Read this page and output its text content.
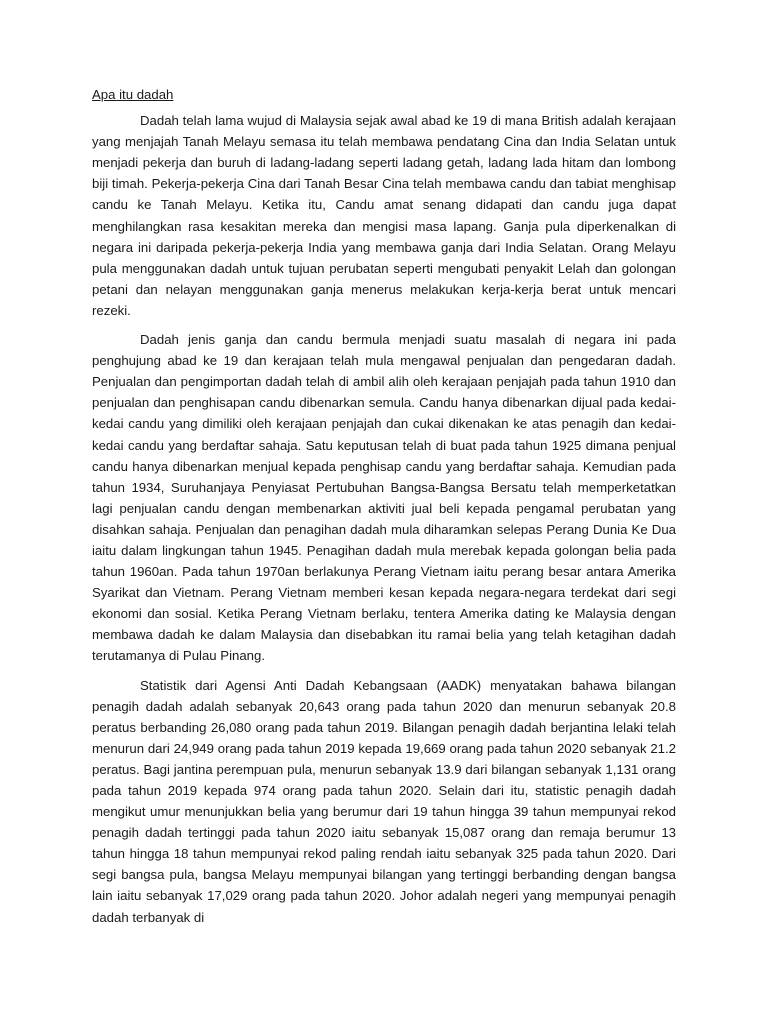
Apa itu dadah

Dadah telah lama wujud di Malaysia sejak awal abad ke 19 di mana British adalah kerajaan yang menjajah Tanah Melayu semasa itu telah membawa pendatang Cina dan India Selatan untuk menjadi pekerja dan buruh di ladang-ladang seperti ladang getah, ladang lada hitam dan lombong biji timah. Pekerja-pekerja Cina dari Tanah Besar Cina telah membawa candu dan tabiat menghisap candu ke Tanah Melayu. Ketika itu, Candu amat senang didapati dan candu juga dapat menghilangkan rasa kesakitan mereka dan mengisi masa lapang. Ganja pula diperkenalkan di negara ini daripada pekerja-pekerja India yang membawa ganja dari India Selatan. Orang Melayu pula menggunakan dadah untuk tujuan perubatan seperti mengubati penyakit Lelah dan golongan petani dan nelayan menggunakan ganja menerus melakukan kerja-kerja berat untuk mencari rezeki.

Dadah jenis ganja dan candu bermula menjadi suatu masalah di negara ini pada penghujung abad ke 19 dan kerajaan telah mula mengawal penjualan dan pengedaran dadah. Penjualan dan pengimportan dadah telah di ambil alih oleh kerajaan penjajah pada tahun 1910 dan penjualan dan penghisapan candu dibenarkan semula. Candu hanya dibenarkan dijual pada kedai-kedai candu yang dimiliki oleh kerajaan penjajah dan cukai dikenakan ke atas penagih dan kedai-kedai candu yang berdaftar sahaja. Satu keputusan telah di buat pada tahun 1925 dimana penjual candu hanya dibenarkan menjual kepada penghisap candu yang berdaftar sahaja. Kemudian pada tahun 1934, Suruhanjaya Penyiasat Pertubuhan Bangsa-Bangsa Bersatu telah memperketatkan lagi penjualan candu dengan membenarkan aktiviti jual beli kepada pengamal perubatan yang disahkan sahaja. Penjualan dan penagihan dadah mula diharamkan selepas Perang Dunia Ke Dua iaitu dalam lingkungan tahun 1945. Penagihan dadah mula merebak kepada golongan belia pada tahun 1960an. Pada tahun 1970an berlakunya Perang Vietnam iaitu perang besar antara Amerika Syarikat dan Vietnam. Perang Vietnam memberi kesan kepada negara-negara terdekat dari segi ekonomi dan sosial. Ketika Perang Vietnam berlaku, tentera Amerika dating ke Malaysia dengan membawa dadah ke dalam Malaysia dan disebabkan itu ramai belia yang telah ketagihan dadah terutamanya di Pulau Pinang.

Statistik dari Agensi Anti Dadah Kebangsaan (AADK) menyatakan bahawa bilangan penagih dadah adalah sebanyak 20,643 orang pada tahun 2020 dan menurun sebanyak 20.8 peratus berbanding 26,080 orang pada tahun 2019. Bilangan penagih dadah berjantina lelaki telah menurun dari 24,949 orang pada tahun 2019 kepada 19,669 orang pada tahun 2020 sebanyak 21.2 peratus. Bagi jantina perempuan pula, menurun sebanyak 13.9 dari bilangan sebanyak 1,131 orang pada tahun 2019 kepada 974 orang pada tahun 2020. Selain dari itu, statistic penagih dadah mengikut umur menunjukkan belia yang berumur dari 19 tahun hingga 39 tahun mempunyai rekod penagih dadah tertinggi pada tahun 2020 iaitu sebanyak 15,087 orang dan remaja berumur 13 tahun hingga 18 tahun mempunyai rekod paling rendah iaitu sebanyak 325 pada tahun 2020. Dari segi bangsa pula, bangsa Melayu mempunyai bilangan yang tertinggi berbanding dengan bangsa lain iaitu sebanyak 17,029 orang pada tahun 2020. Johor adalah negeri yang mempunyai penagih dadah terbanyak di
